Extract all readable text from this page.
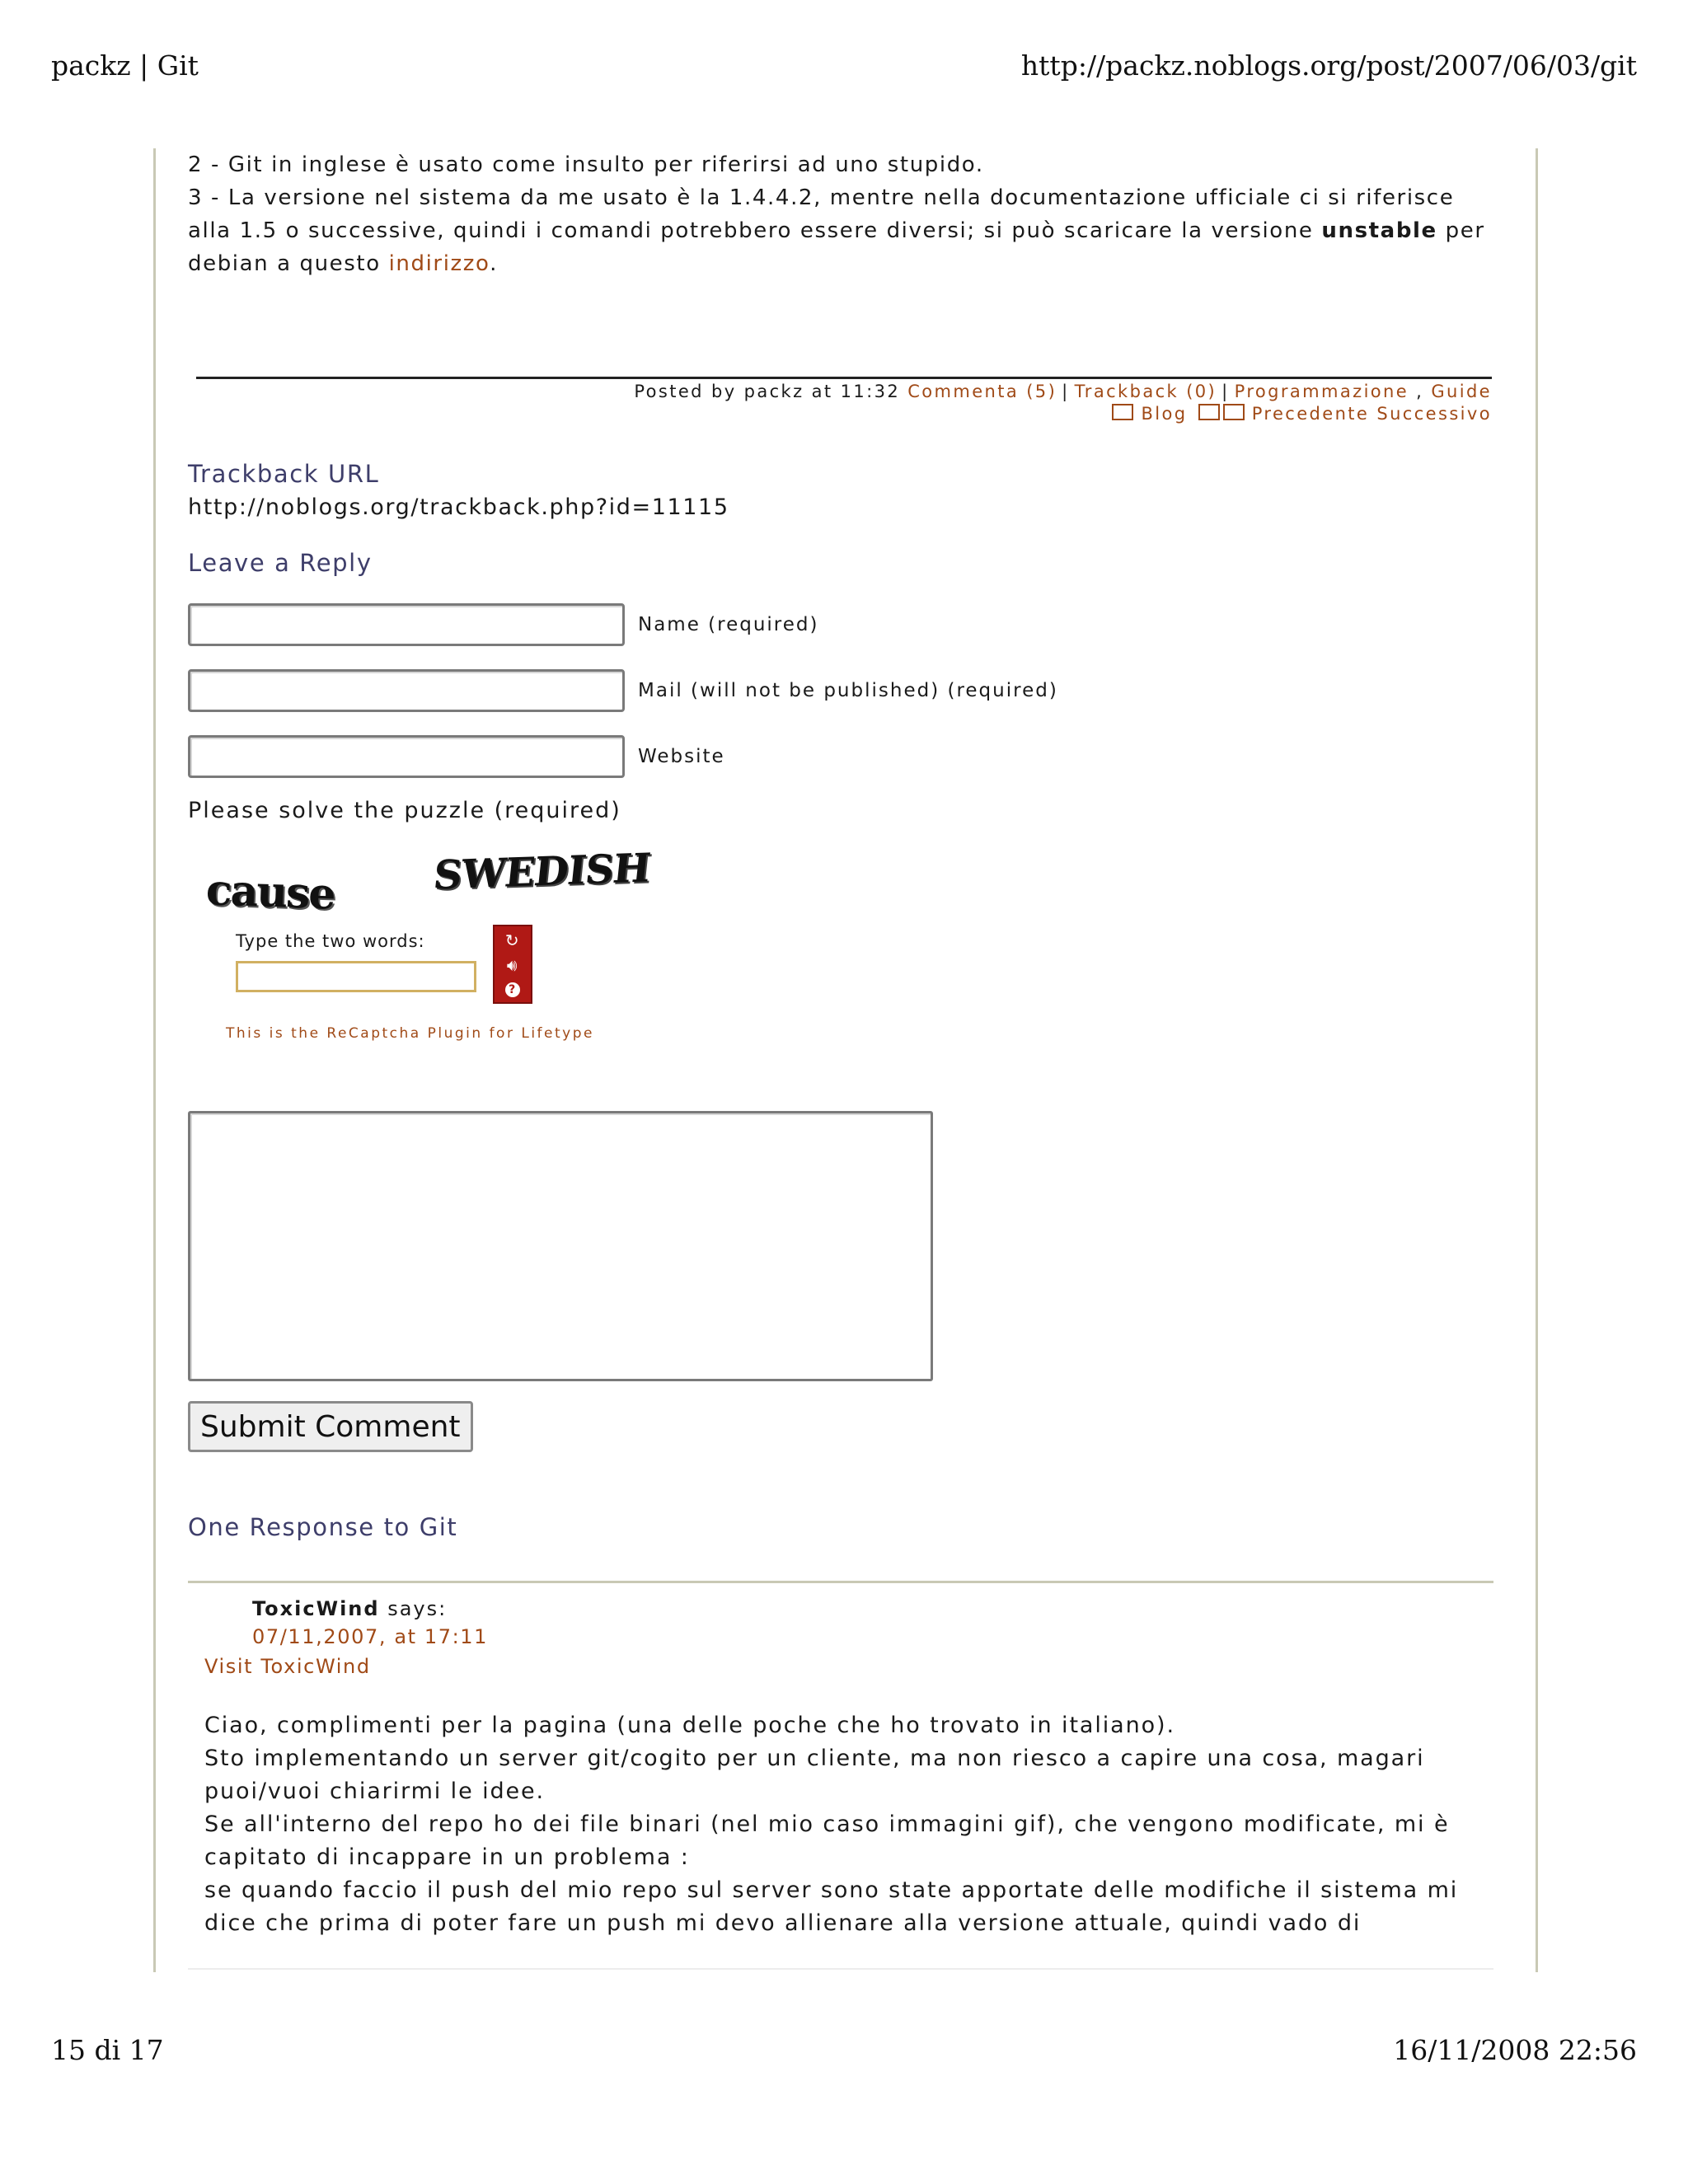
packz | Git	http://packz.noblogs.org/post/2007/06/03/git

2 - Git in inglese è usato come insulto per riferirsi ad uno stupido.

3 - La versione nel sistema da me usato è la 1.4.4.2, mentre nella documentazione ufficiale ci si riferisce alla 1.5 o successive, quindi i comandi potrebbero essere diversi; si può scaricare la versione unstable per debian a questo indirizzo.

Posted by packz at 11:32 Commenta (5) | Trackback (0) | Programmazione , Guide
Blog	Precedente Successivo
Trackback URL
http://noblogs.org/trackback.php?id=11115
Leave a Reply
Name (required)
Mail (will not be published) (required)
Website
Please solve the puzzle (required)
cause SWEDISH
Type the two words:	↻
🔊︎
?
This is the ReCaptcha Plugin for Lifetype
Submit Comment
One Response to Git
ToxicWind says:
07/11,2007, at 17:11
Visit ToxicWind

Ciao, complimenti per la pagina (una delle poche che ho trovato in italiano).
Sto implementando un server git/cogito per un cliente, ma non riesco a capire una cosa, magari puoi/vuoi chiarirmi le idee.
Se all'interno del repo ho dei file binari (nel mio caso immagini gif), che vengono modificate, mi è capitato di incappare in un problema :
se quando faccio il push del mio repo sul server sono state apportate delle modifiche il sistema mi dice che prima di poter fare un push mi devo allienare alla versione attuale, quindi vado di

15 di 17	16/11/2008 22:56
